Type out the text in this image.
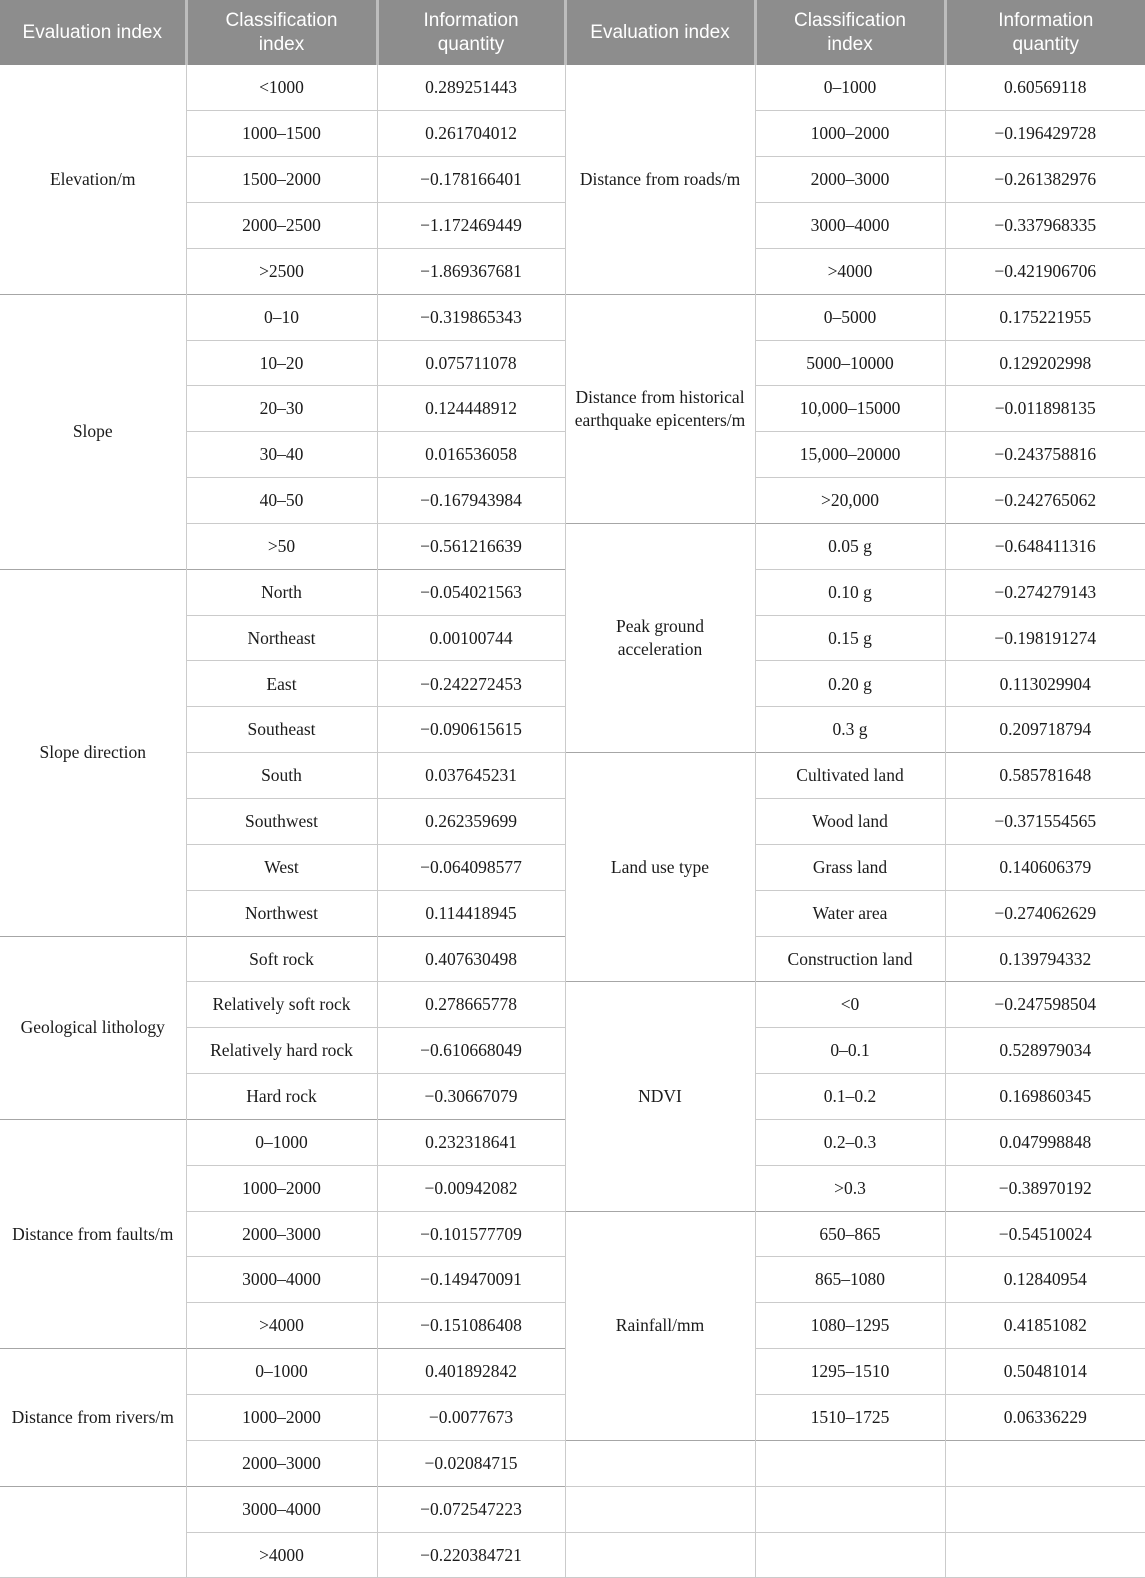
Evaluation index	Classification index	Information quantity	Evaluation index	Classification index	Information quantity
Elevation/m	<1000	0.289251443	Distance from roads/m	0–1000	0.60569118
	1000–1500	0.261704012		1000–2000	−0.196429728
	1500–2000	−0.178166401		2000–3000	−0.261382976
	2000–2500	−1.172469449		3000–4000	−0.337968335
	>2500	−1.869367681		>4000	−0.421906706
Slope	0–10	−0.319865343	Distance from historical earthquake epicenters/m	0–5000	0.175221955
	10–20	0.075711078		5000–10000	0.129202998
	20–30	0.124448912		10,000–15000	−0.011898135
	30–40	0.016536058		15,000–20000	−0.243758816
	40–50	−0.167943984		>20,000	−0.242765062
	>50	−0.561216639	Peak ground acceleration	0.05 g	−0.648411316
Slope direction	North	−0.054021563		0.10 g	−0.274279143
	Northeast	0.00100744		0.15 g	−0.198191274
	East	−0.242272453		0.20 g	0.113029904
	Southeast	−0.090615615		0.3 g	0.209718794
	South	0.037645231	Land use type	Cultivated land	0.585781648
	Southwest	0.262359699		Wood land	−0.371554565
	West	−0.064098577		Grass land	0.140606379
	Northwest	0.114418945		Water area	−0.274062629
Geological lithology	Soft rock	0.407630498		Construction land	0.139794332
	Relatively soft rock	0.278665778	NDVI	<0	−0.247598504
	Relatively hard rock	−0.610668049		0–0.1	0.528979034
	Hard rock	−0.30667079		0.1–0.2	0.169860345
Distance from faults/m	0–1000	0.232318641		0.2–0.3	0.047998848
	1000–2000	−0.00942082		>0.3	−0.38970192
	2000–3000	−0.101577709	Rainfall/mm	650–865	−0.54510024
	3000–4000	−0.149470091		865–1080	0.12840954
	>4000	−0.151086408		1080–1295	0.41851082
Distance from rivers/m	0–1000	0.401892842		1295–1510	0.50481014
	1000–2000	−0.0077673		1510–1725	0.06336229
	2000–3000	−0.02084715			
	3000–4000	−0.072547223			
	>4000	−0.220384721			
